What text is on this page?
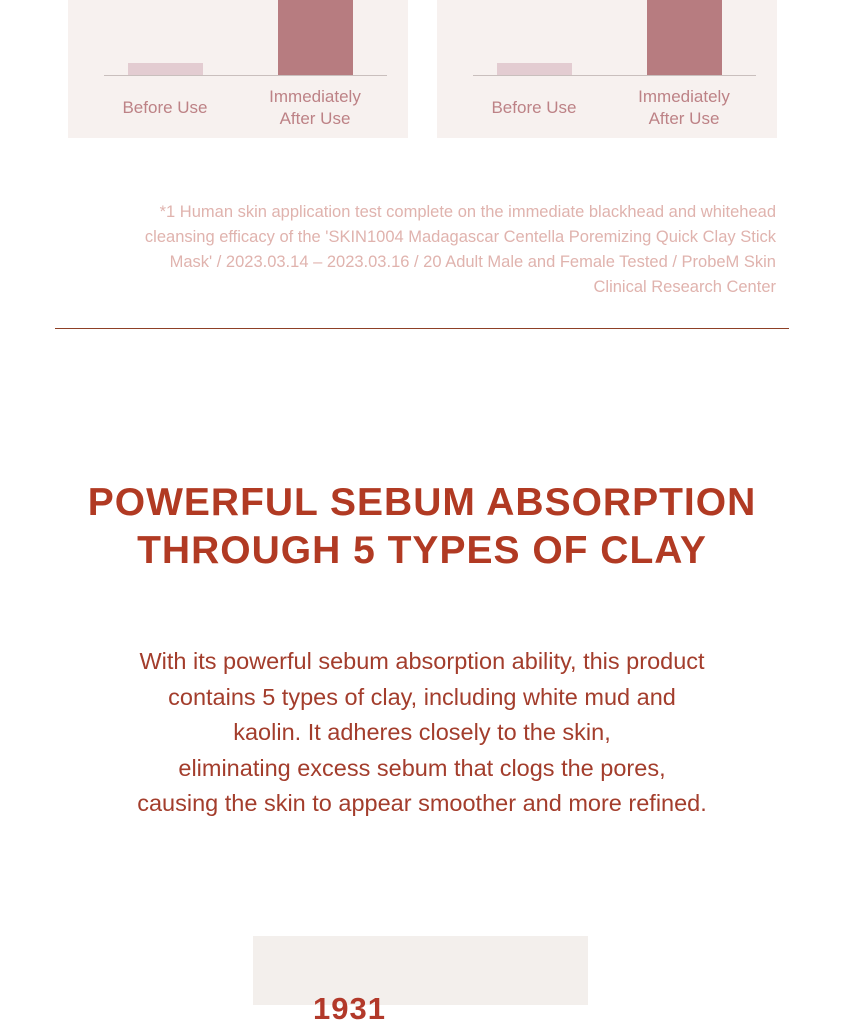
Before Use
Immediately
After Use
Before Use
Immediately
After Use
*1 Human skin application test complete on the immediate blackhead and whitehead
cleansing efficacy of the 'SKIN1004 Madagascar Centella Poremizing Quick Clay Stick
Mask' / 2023.03.14 – 2023.03.16 / 20 Adult Male and Female Tested / ProbeM Skin
Clinical Research Center
POWERFUL SEBUM ABSORPTION
THROUGH 5 TYPES OF CLAY
With its powerful sebum absorption ability, this product
contains 5 types of clay, including white mud and
kaolin. It adheres closely to the skin,
eliminating excess sebum that clogs the pores,
causing the skin to appear smoother and more refined.
1931
